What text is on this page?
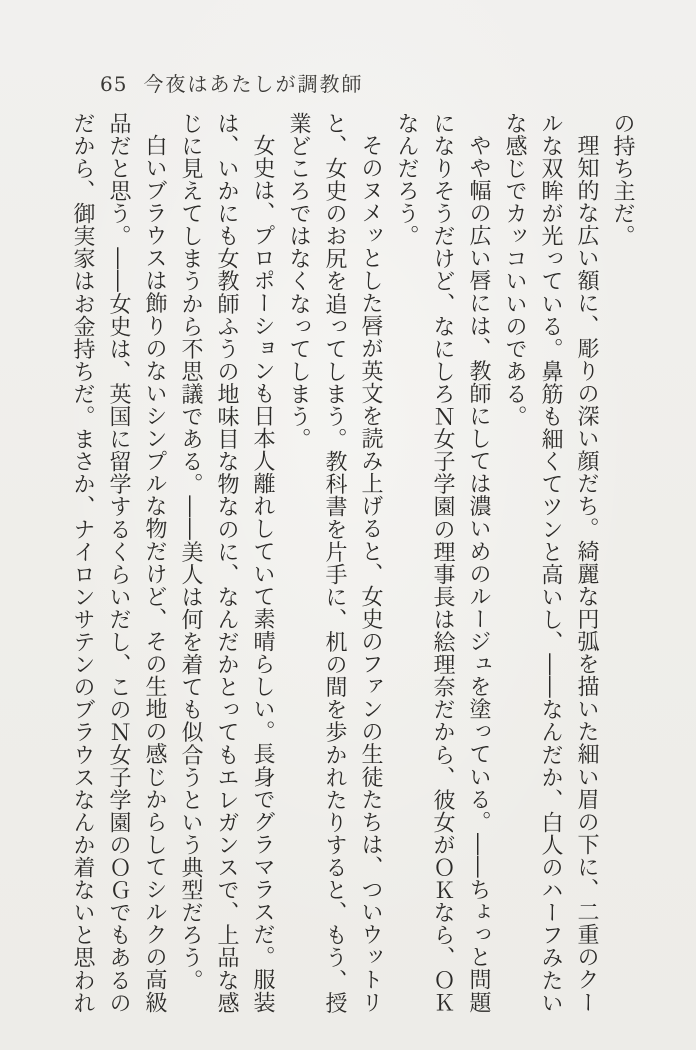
65 今夜はあたしが調教師

の持ち主だ。

理知的な広い額に、彫りの深い顔だち。綺麗な円弧を描いた細い眉の下に、二重のクールな双眸が光っている。鼻筋も細くてツンと高いし、――なんだか、白人のハーフみたいな感じでカッコいいのである。

やや幅の広い唇には、教師にしては濃いめのルージュを塗っている。――ちょっと問題になりそうだけど、なにしろＮ女子学園の理事長は絵理奈だから、彼女がＯＫなら、ＯＫなんだろう。

そのヌメッとした唇が英文を読み上げると、女史のファンの生徒たちは、ついウットリと、女史のお尻を追ってしまう。教科書を片手に、机の間を歩かれたりすると、もう、授業どころではなくなってしまう。

女史は、プロポーションも日本人離れしていて素晴らしい。長身でグラマラスだ。服装は、いかにも女教師ふうの地味目な物なのに、なんだかとってもエレガンスで、上品な感じに見えてしまうから不思議である。――美人は何を着ても似合うという典型だろう。

白いブラウスは飾りのないシンプルな物だけど、その生地の感じからしてシルクの高級品だと思う。――女史は、英国に留学するくらいだし、このＮ女子学園のＯＧでもあるのだから、御実家はお金持ちだ。まさか、ナイロンサテンのブラウスなんか着ないと思われ
